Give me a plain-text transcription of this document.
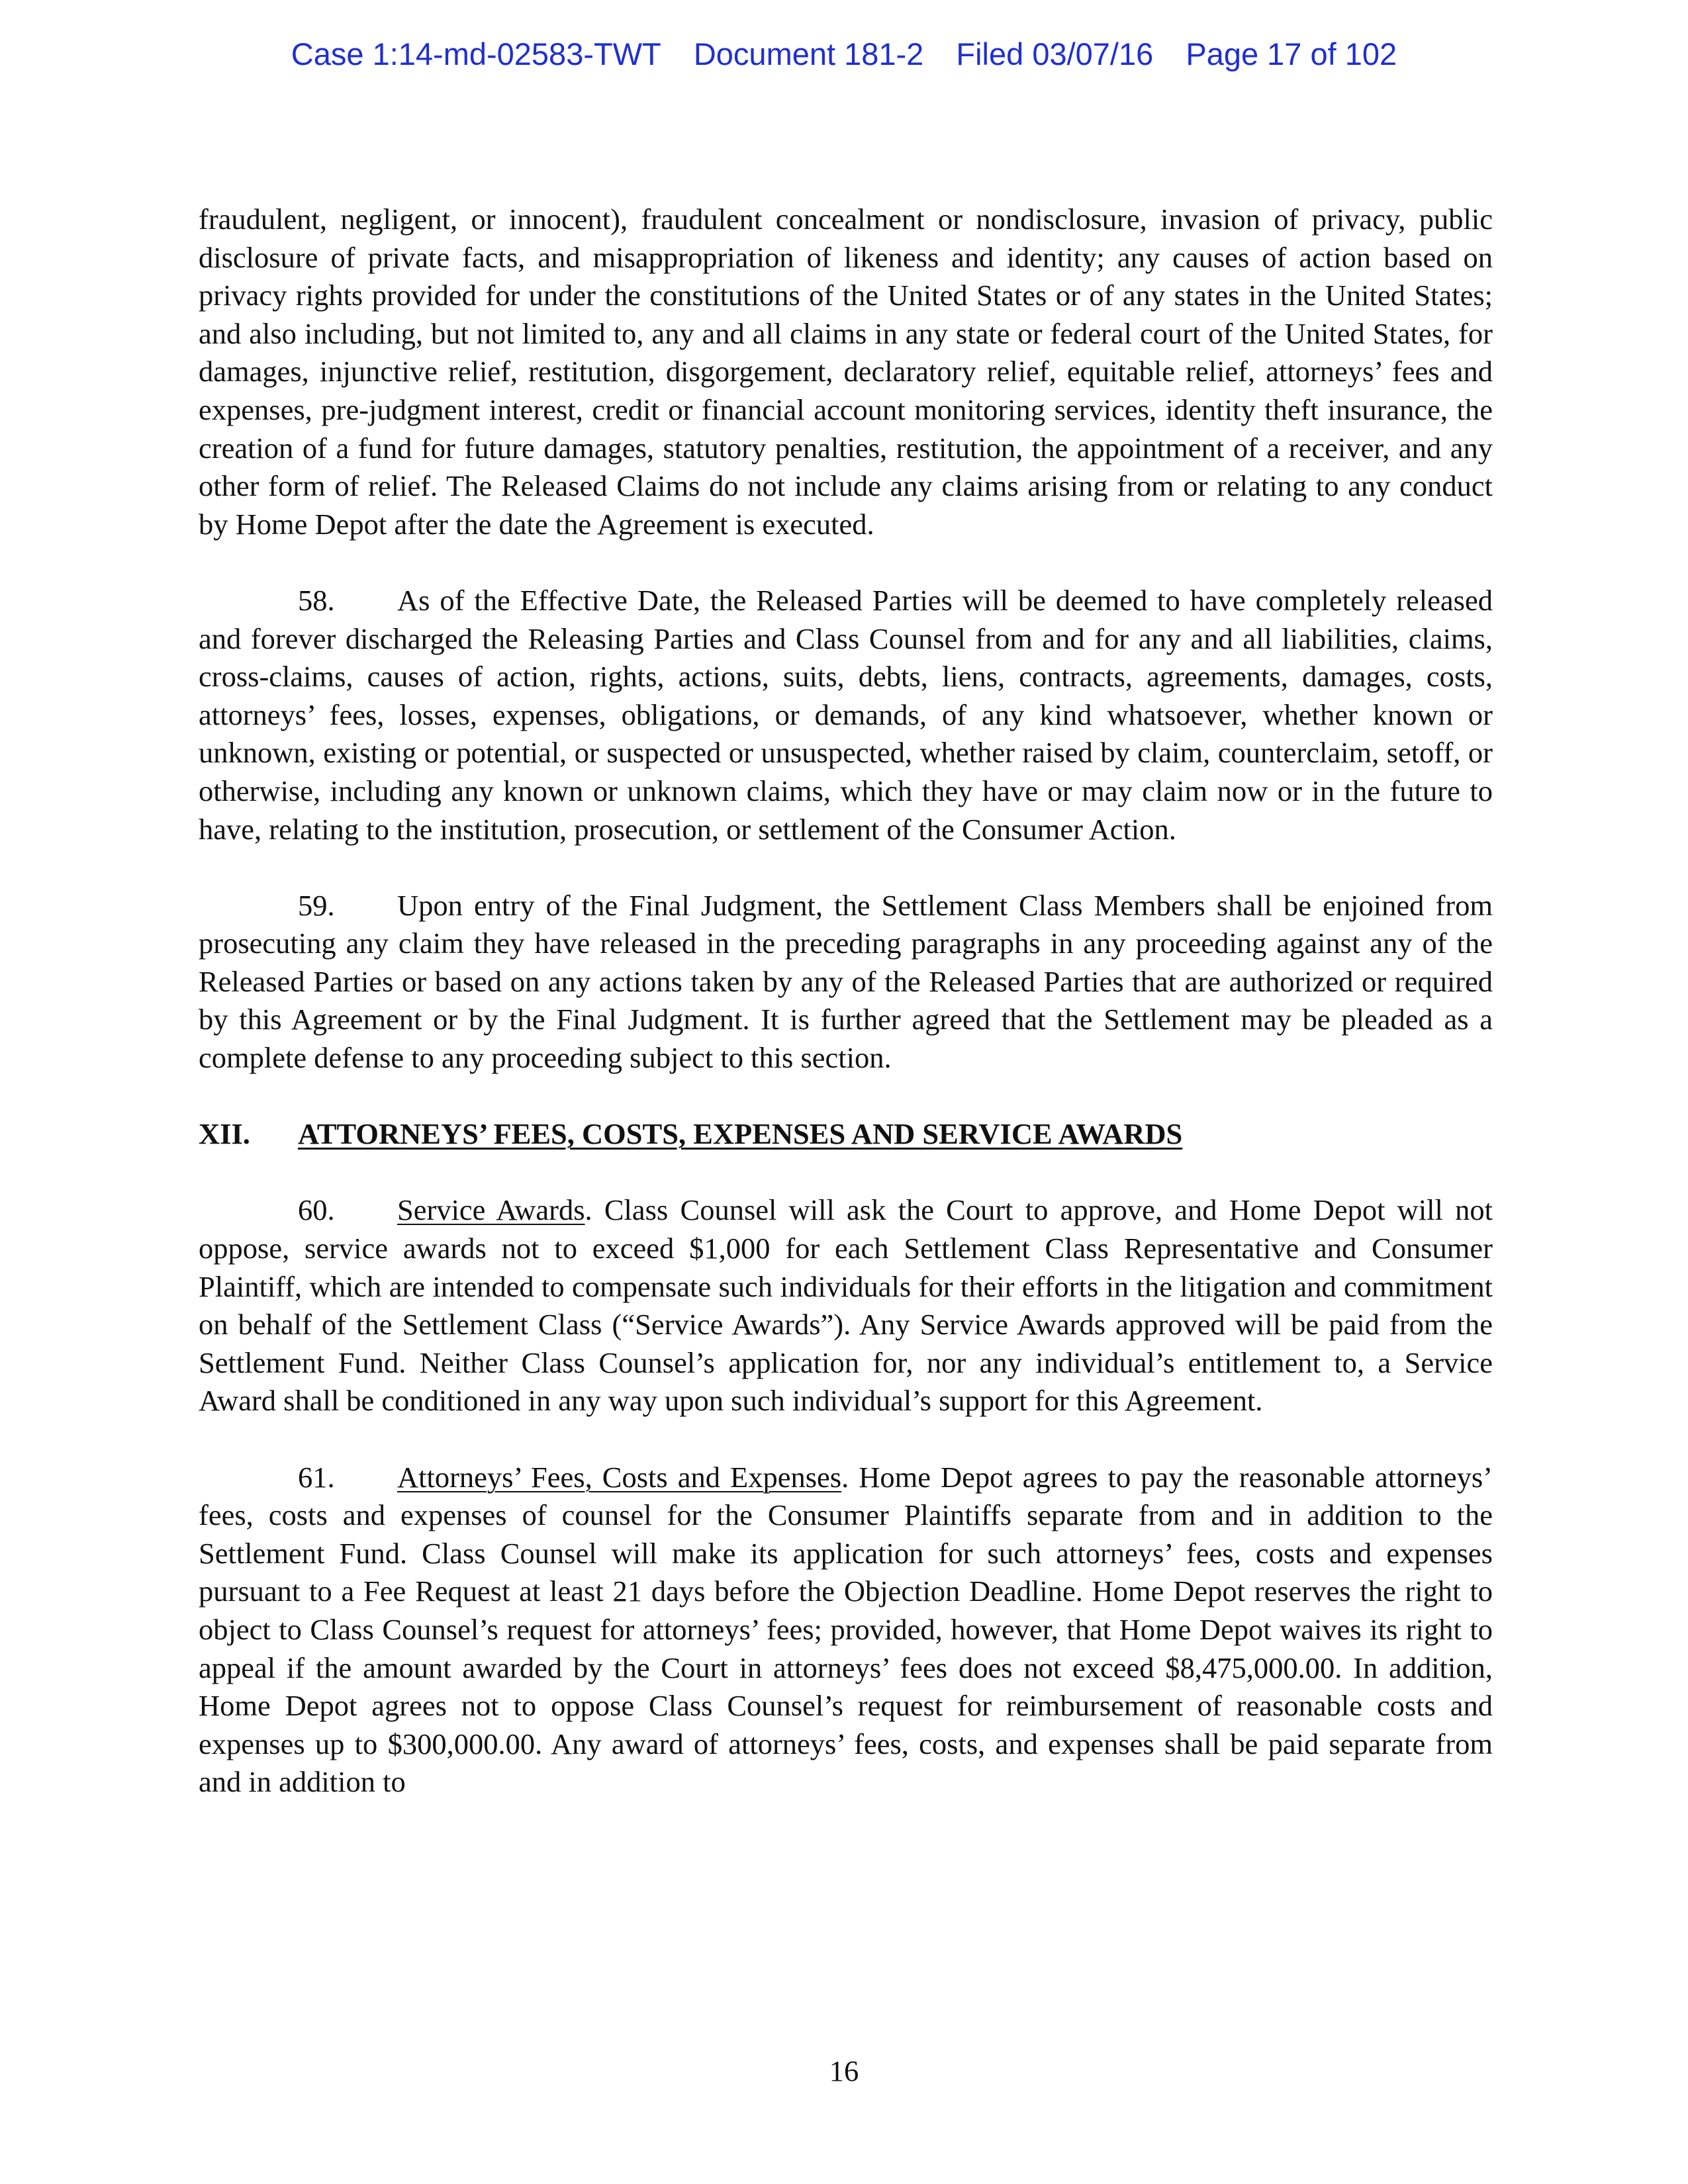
Case 1:14-md-02583-TWT Document 181-2 Filed 03/07/16 Page 17 of 102

fraudulent, negligent, or innocent), fraudulent concealment or nondisclosure, invasion of privacy, public disclosure of private facts, and misappropriation of likeness and identity; any causes of action based on privacy rights provided for under the constitutions of the United States or of any states in the United States; and also including, but not limited to, any and all claims in any state or federal court of the United States, for damages, injunctive relief, restitution, disgorgement, declaratory relief, equitable relief, attorneys’ fees and expenses, pre-judgment interest, credit or financial account monitoring services, identity theft insurance, the creation of a fund for future damages, statutory penalties, restitution, the appointment of a receiver, and any other form of relief. The Released Claims do not include any claims arising from or relating to any conduct by Home Depot after the date the Agreement is executed.

58. As of the Effective Date, the Released Parties will be deemed to have completely released and forever discharged the Releasing Parties and Class Counsel from and for any and all liabilities, claims, cross-claims, causes of action, rights, actions, suits, debts, liens, contracts, agreements, damages, costs, attorneys’ fees, losses, expenses, obligations, or demands, of any kind whatsoever, whether known or unknown, existing or potential, or suspected or unsuspected, whether raised by claim, counterclaim, setoff, or otherwise, including any known or unknown claims, which they have or may claim now or in the future to have, relating to the institution, prosecution, or settlement of the Consumer Action.

59. Upon entry of the Final Judgment, the Settlement Class Members shall be enjoined from prosecuting any claim they have released in the preceding paragraphs in any proceeding against any of the Released Parties or based on any actions taken by any of the Released Parties that are authorized or required by this Agreement or by the Final Judgment. It is further agreed that the Settlement may be pleaded as a complete defense to any proceeding subject to this section.

XII. ATTORNEYS’ FEES, COSTS, EXPENSES AND SERVICE AWARDS

60. Service Awards. Class Counsel will ask the Court to approve, and Home Depot will not oppose, service awards not to exceed $1,000 for each Settlement Class Representative and Consumer Plaintiff, which are intended to compensate such individuals for their efforts in the litigation and commitment on behalf of the Settlement Class (“Service Awards”). Any Service Awards approved will be paid from the Settlement Fund. Neither Class Counsel’s application for, nor any individual’s entitlement to, a Service Award shall be conditioned in any way upon such individual’s support for this Agreement.

61. Attorneys’ Fees, Costs and Expenses. Home Depot agrees to pay the reasonable attorneys’ fees, costs and expenses of counsel for the Consumer Plaintiffs separate from and in addition to the Settlement Fund. Class Counsel will make its application for such attorneys’ fees, costs and expenses pursuant to a Fee Request at least 21 days before the Objection Deadline. Home Depot reserves the right to object to Class Counsel’s request for attorneys’ fees; provided, however, that Home Depot waives its right to appeal if the amount awarded by the Court in attorneys’ fees does not exceed $8,475,000.00. In addition, Home Depot agrees not to oppose Class Counsel’s request for reimbursement of reasonable costs and expenses up to $300,000.00. Any award of attorneys’ fees, costs, and expenses shall be paid separate from and in addition to

16
